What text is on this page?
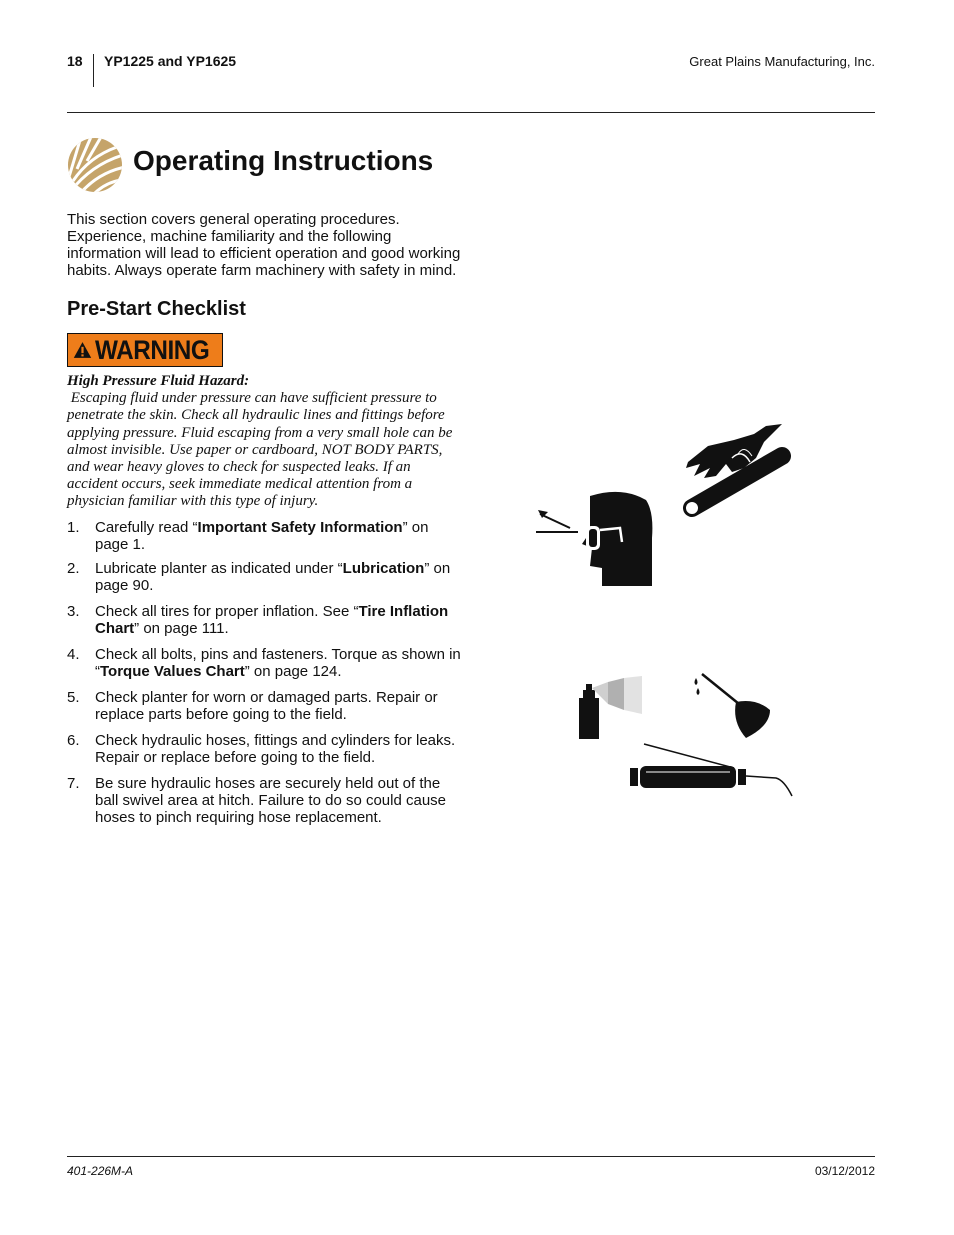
18 YP1225 and YP1625	Great Plains Manufacturing, Inc.
Operating Instructions

This section covers general operating procedures. Experience, machine familiarity and the following information will lead to efficient operation and good working habits. Always operate farm machinery with safety in mind.

Pre-Start Checklist
WARNING

High Pressure Fluid Hazard:
Escaping fluid under pressure can have sufficient pressure to penetrate the skin. Check all hydraulic lines and fittings before applying pressure. Fluid escaping from a very small hole can be almost invisible. Use paper or cardboard, NOT BODY PARTS, and wear heavy gloves to check for suspected leaks. If an accident occurs, seek immediate medical attention from a physician familiar with this type of injury.

1. Carefully read “Important Safety Information” on page 1.
2. Lubricate planter as indicated under “Lubrication” on page 90.
3. Check all tires for proper inflation. See “Tire Inflation Chart” on page 111.
4. Check all bolts, pins and fasteners. Torque as shown in “Torque Values Chart” on page 124.
5. Check planter for worn or damaged parts. Repair or replace parts before going to the field.
6. Check hydraulic hoses, fittings and cylinders for leaks. Repair or replace before going to the field.
7. Be sure hydraulic hoses are securely held out of the ball swivel area at hitch. Failure to do so could cause hoses to pinch requiring hose replacement.
401-226M-A	03/12/2012
